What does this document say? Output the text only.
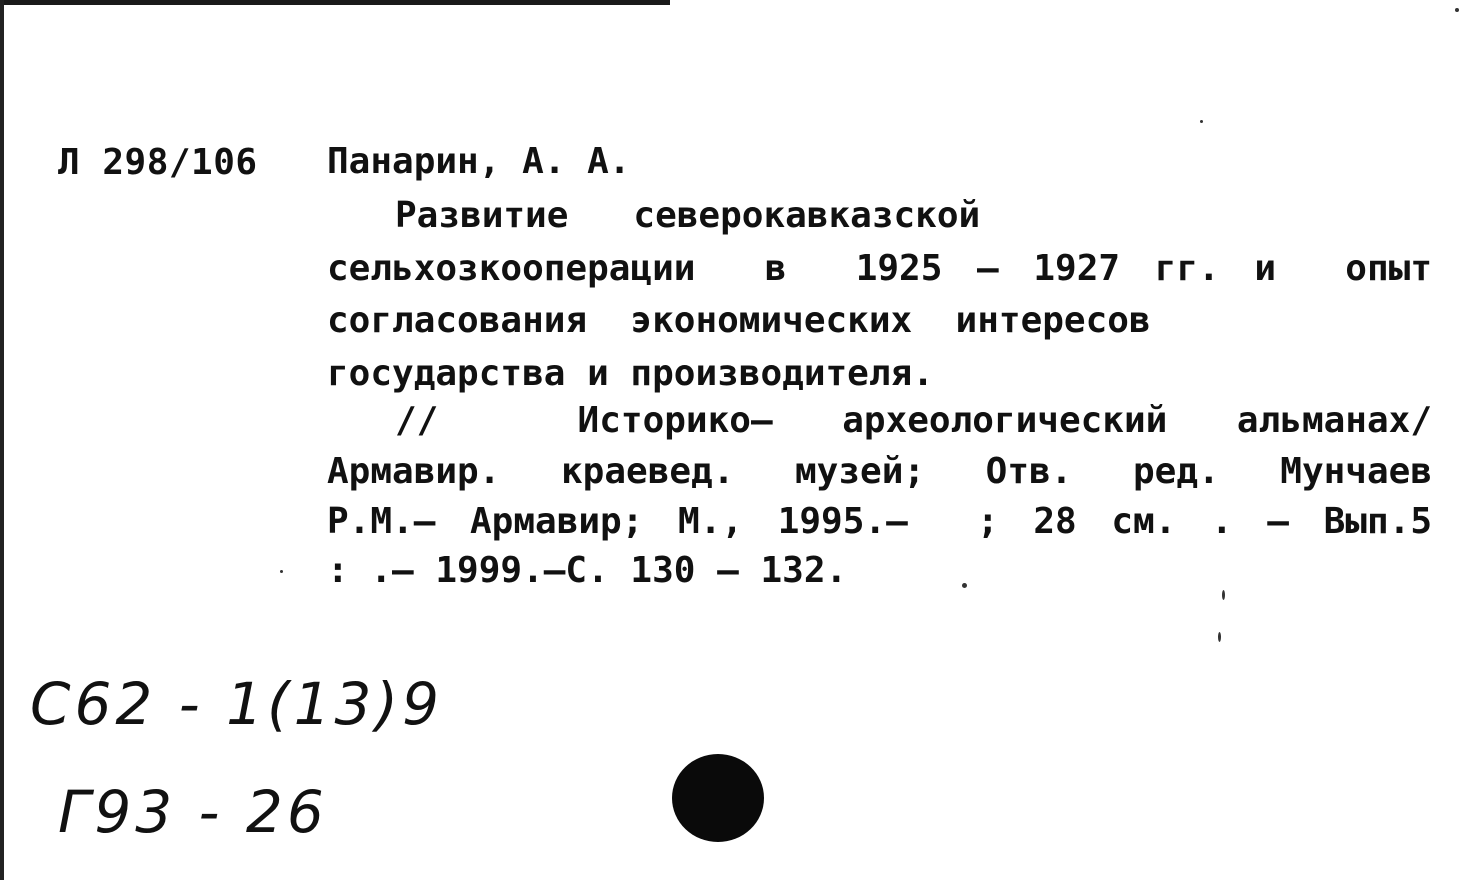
Л 298/106 Панарин, А. А.
Развитие   северокавказской
сельхозкооперации  в  1925 – 1927 гг. и  опыт
согласования  экономических  интересов
государства и производителя.
//  Историко– археологический альманах/
Армавир. краевед. музей; Отв. ред. Мунчаев
Р.М.– Армавир; М., 1995.–  ; 28 см. . – Вып.5
: .– 1999.–С. 130 – 132.
С62 - 1(13)9
Г93 - 26
